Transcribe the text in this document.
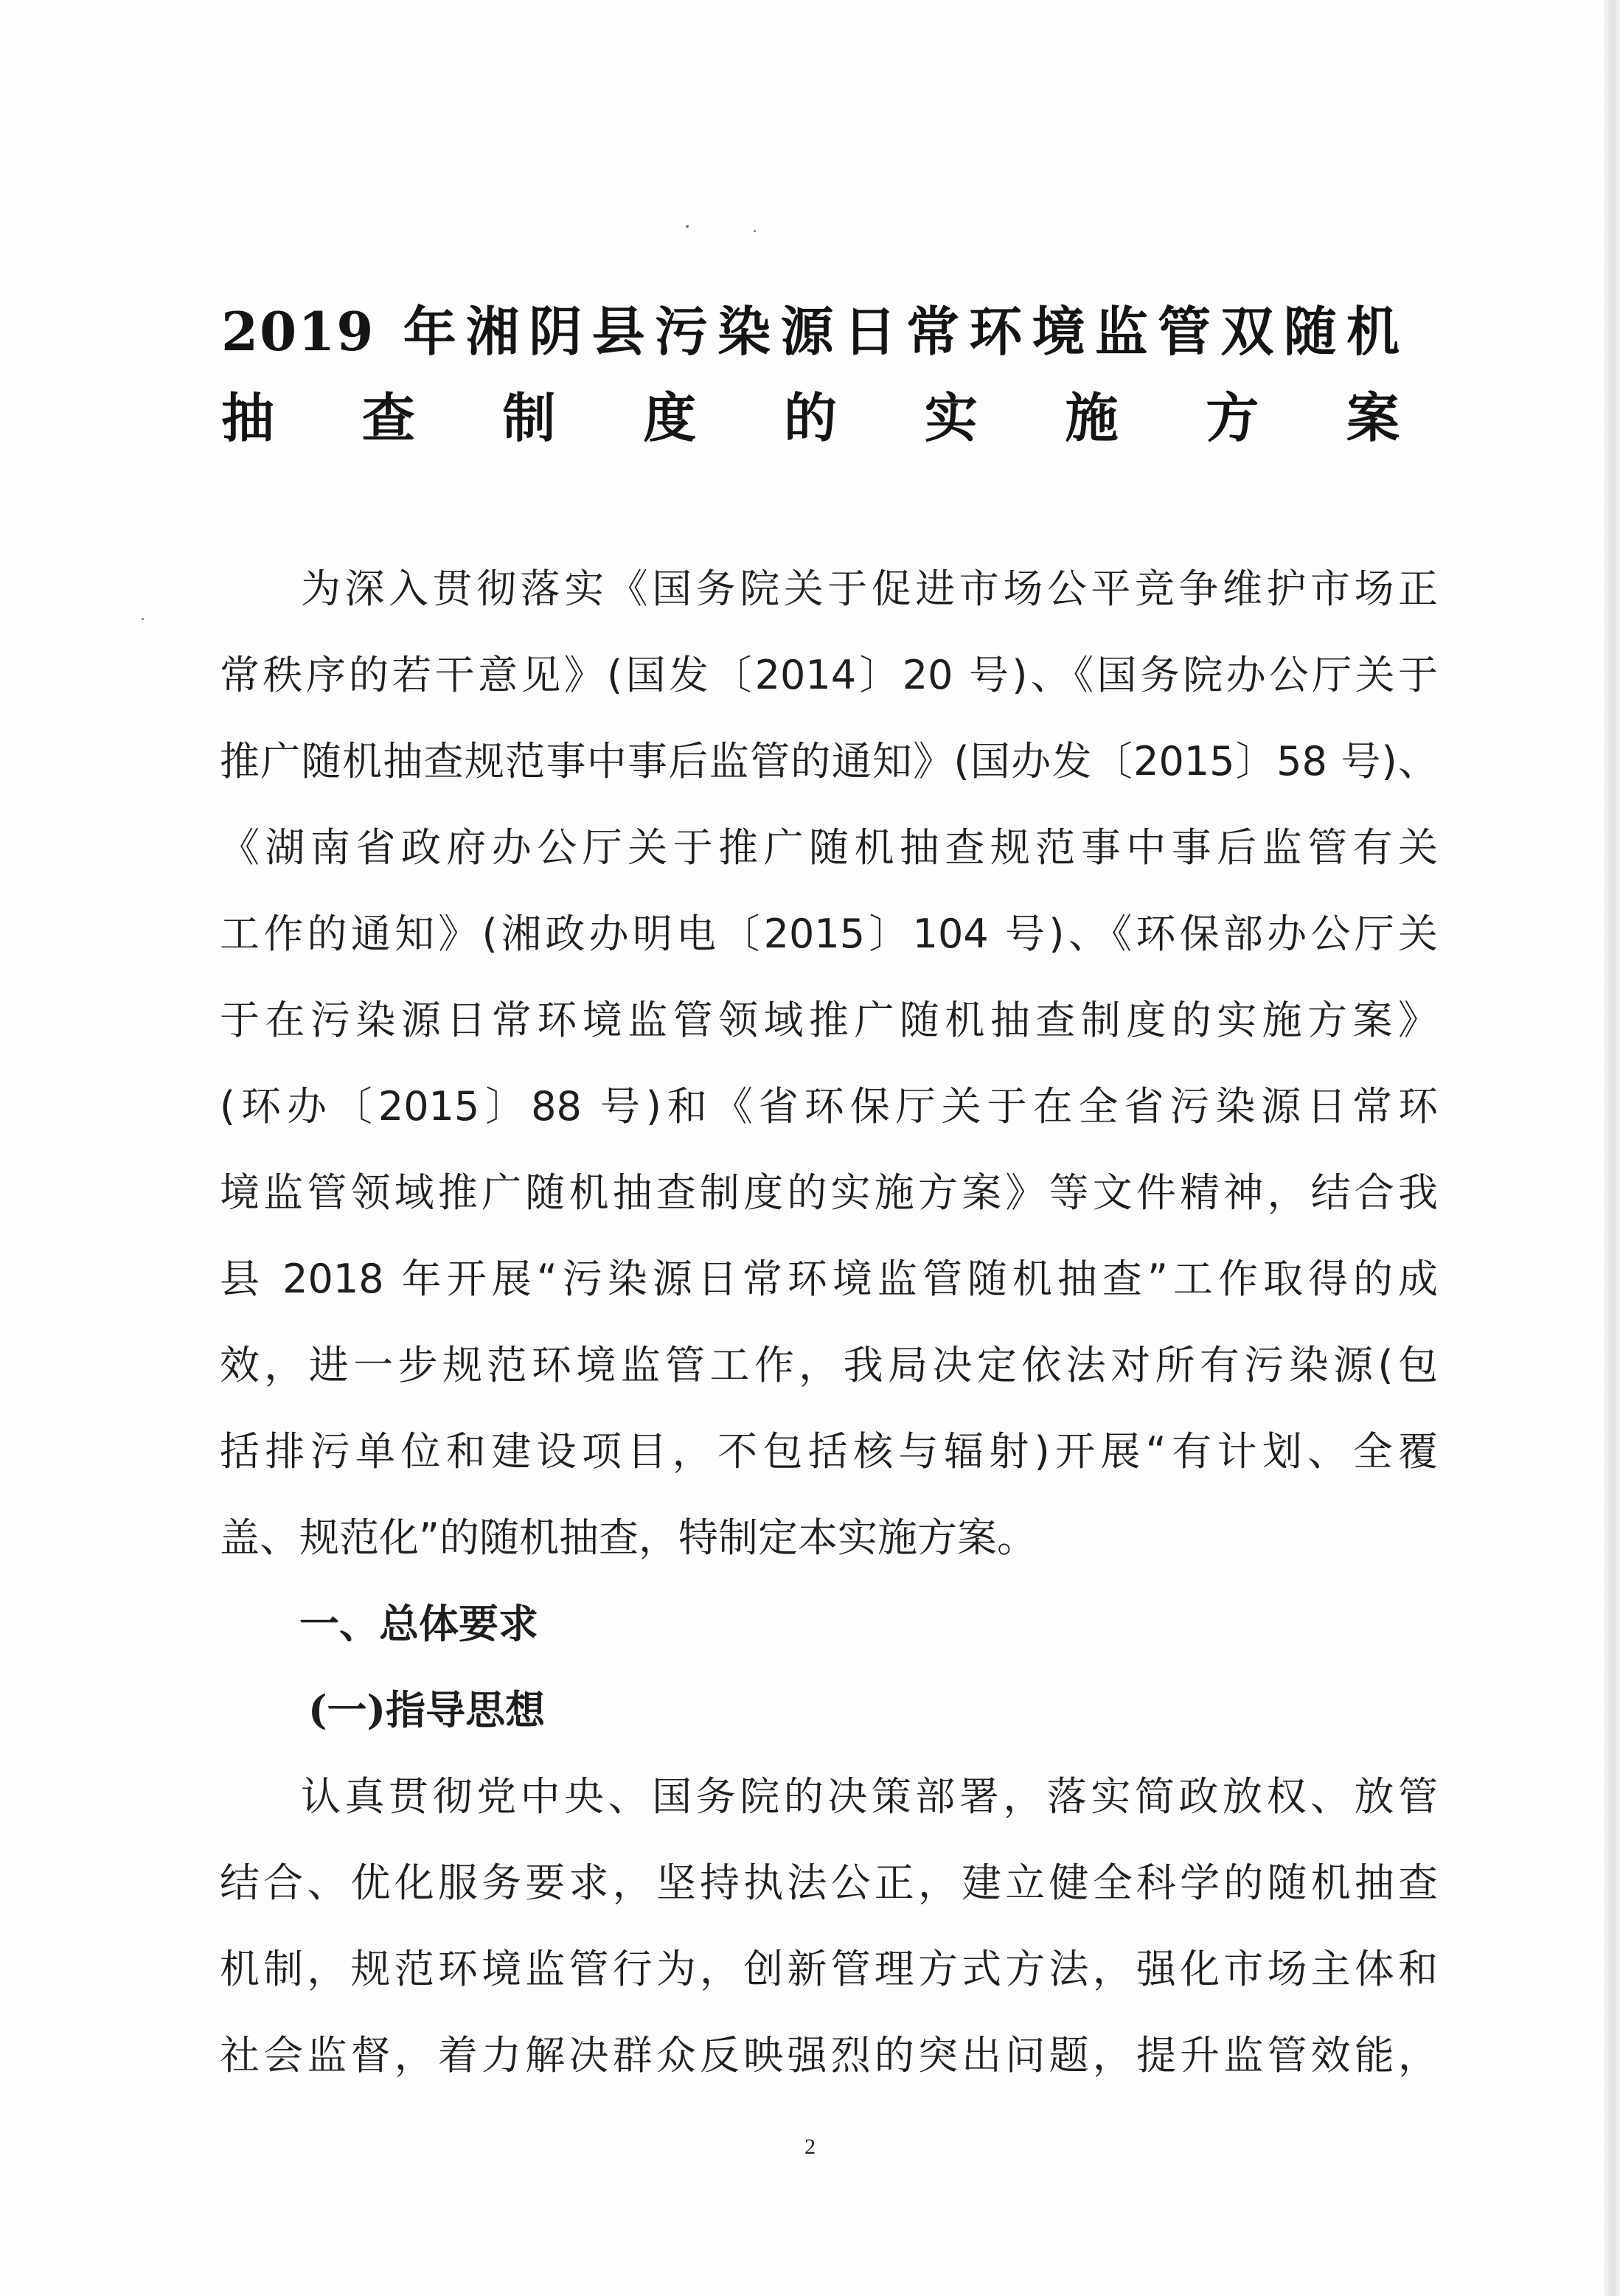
2019 年湘阴县污染源日常环境监管双随机
抽查制度的实施方案
为深入贯彻落实《国务院关于促进市场公平竞争维护市场正
常秩序的若干意见》(国发〔2014〕20 号)、《国务院办公厅关于
推广随机抽查规范事中事后监管的通知》(国办发〔2015〕58 号)、
《湖南省政府办公厅关于推广随机抽查规范事中事后监管有关
工作的通知》(湘政办明电〔2015〕104 号)、《环保部办公厅关
于在污染源日常环境监管领域推广随机抽查制度的实施方案》
(环办〔2015〕88 号)和《省环保厅关于在全省污染源日常环
境监管领域推广随机抽查制度的实施方案》等文件精神，结合我
县 2018 年开展“污染源日常环境监管随机抽查”工作取得的成
效，进一步规范环境监管工作，我局决定依法对所有污染源(包
括排污单位和建设项目，不包括核与辐射)开展“有计划、全覆
盖、规范化”的随机抽查，特制定本实施方案。
一、总体要求
(一)指导思想
认真贯彻党中央、国务院的决策部署，落实简政放权、放管
结合、优化服务要求，坚持执法公正，建立健全科学的随机抽查
机制，规范环境监管行为，创新管理方式方法，强化市场主体和
社会监督，着力解决群众反映强烈的突出问题，提升监管效能，
2
